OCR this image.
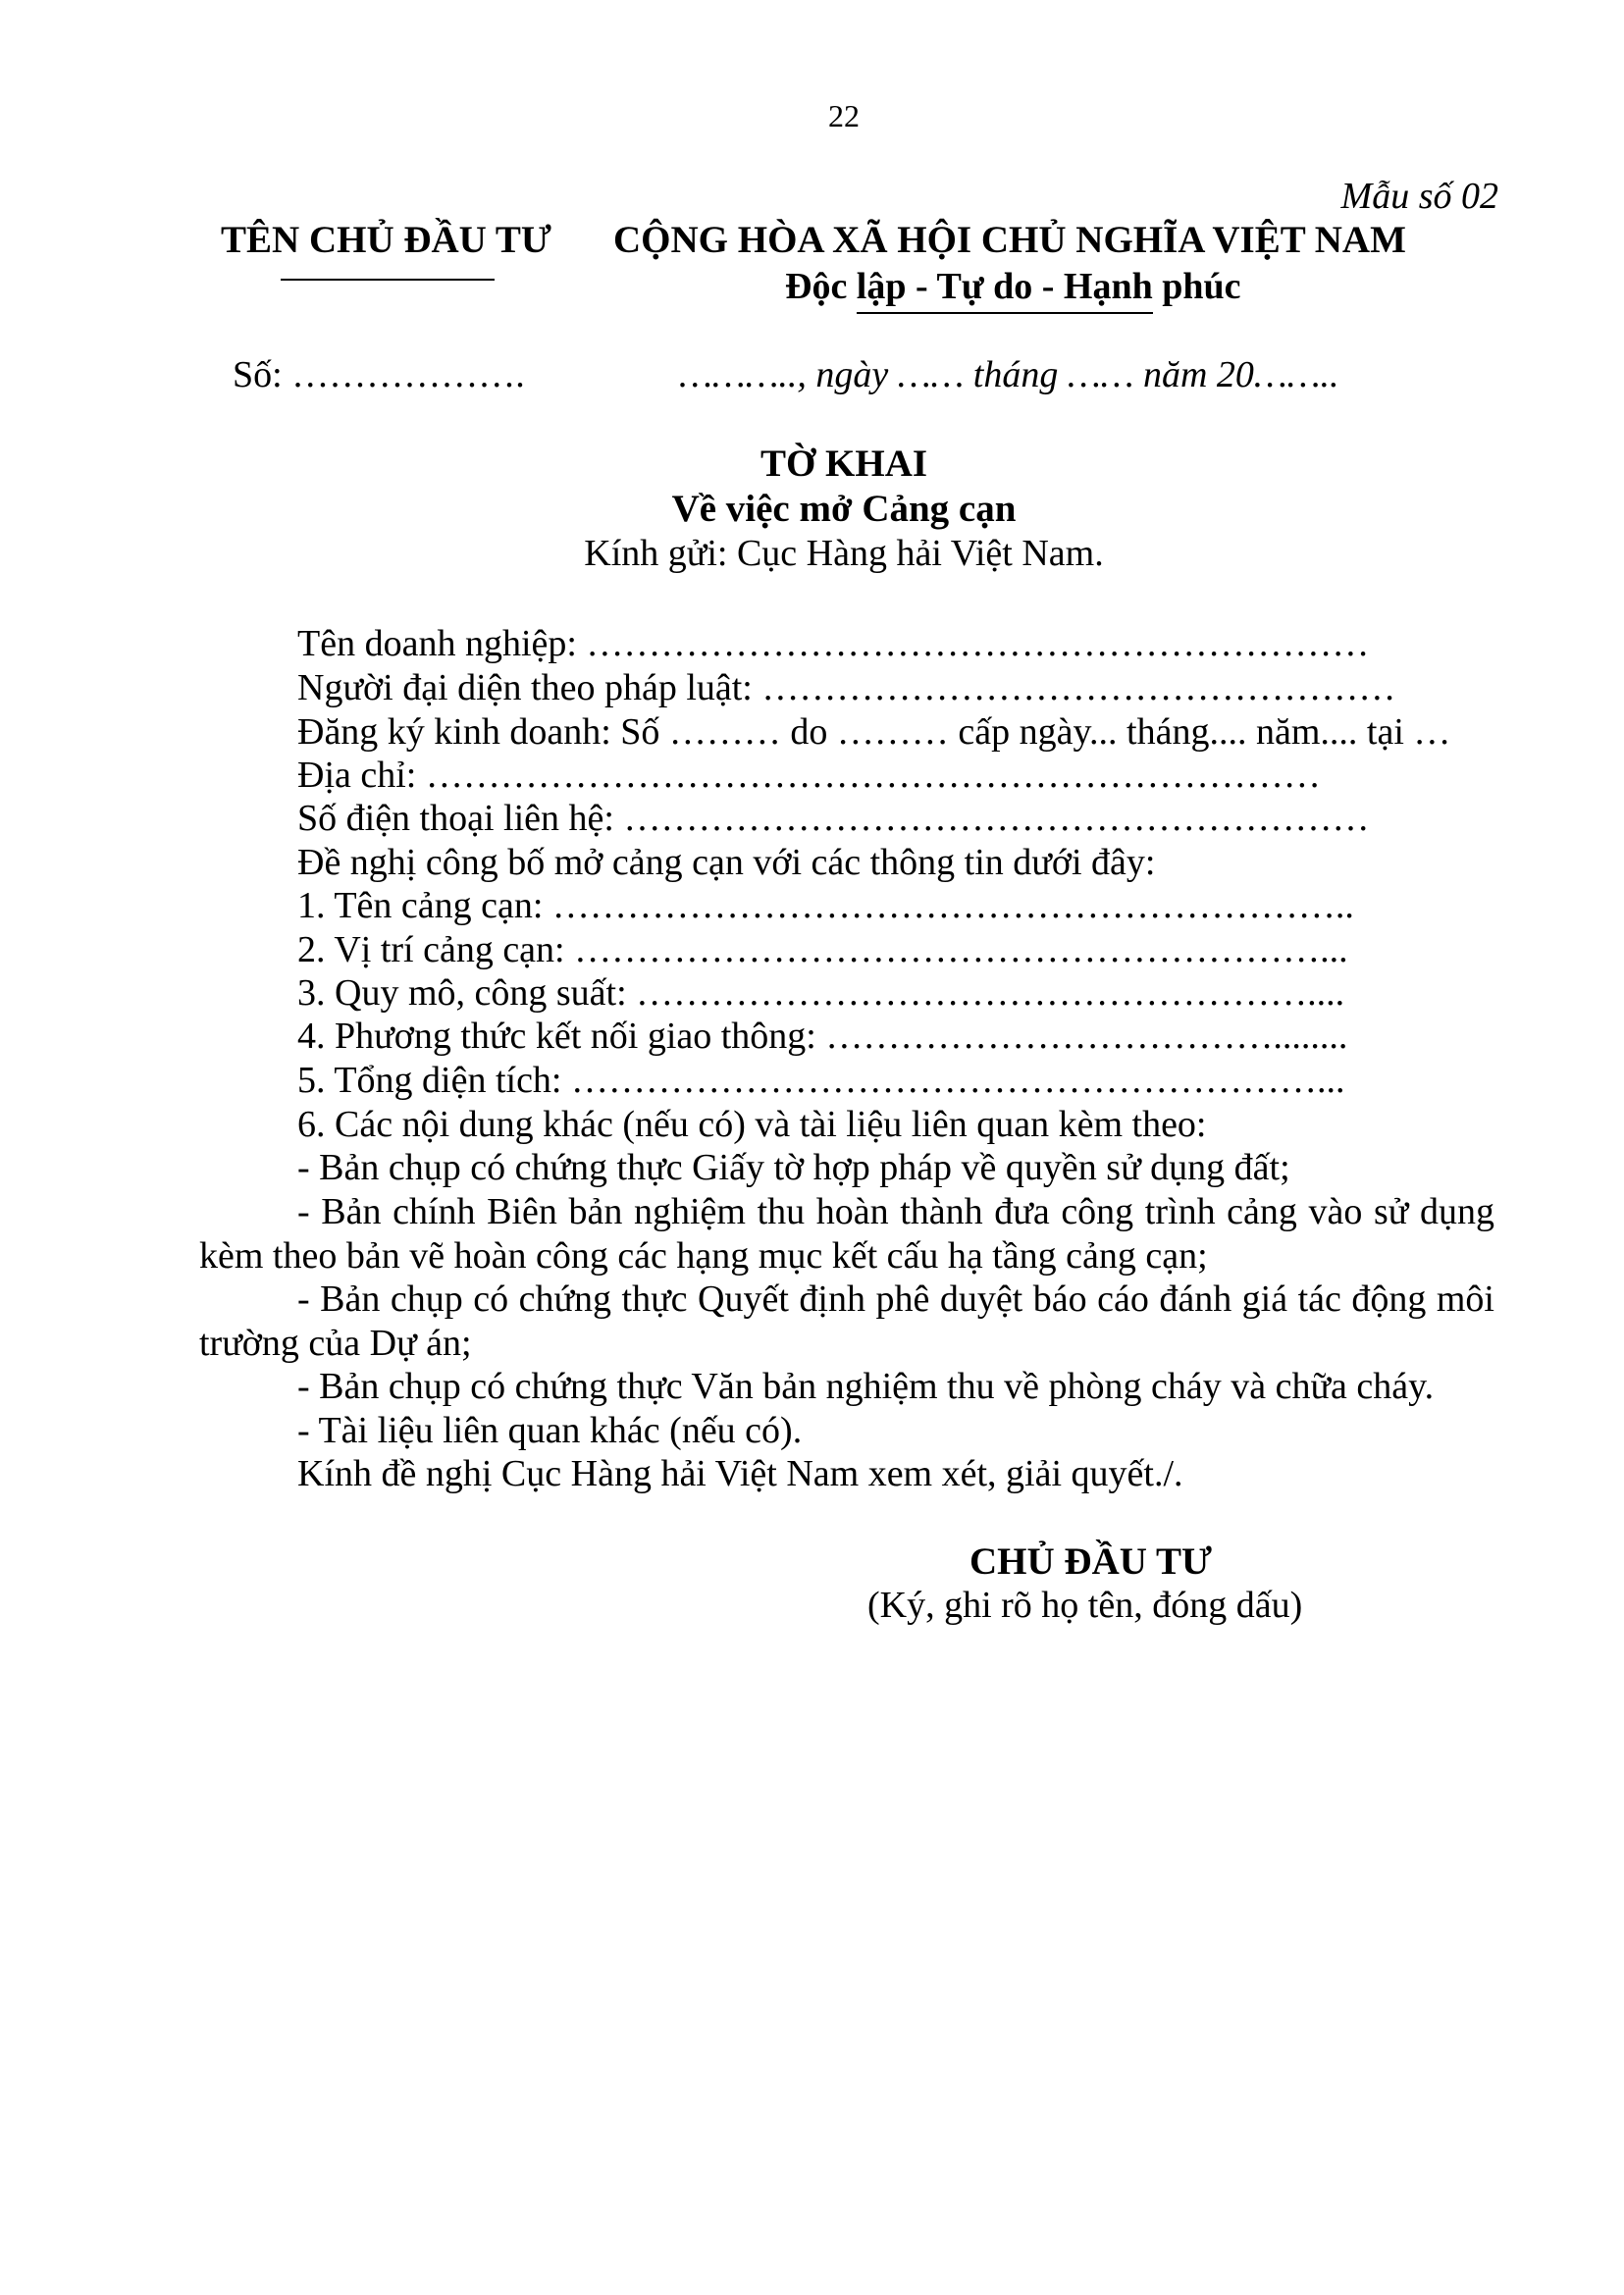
22
Mẫu số 02
TÊN CHỦ ĐẦU TƯ CỘNG HÒA XÃ HỘI CHỦ NGHĨA VIỆT NAM
Độc lập - Tự do - Hạnh phúc
Số: ……………….	……….., ngày …… tháng …… năm 20……..
TỜ KHAI
Về việc mở Cảng cạn
Kính gửi: Cục Hàng hải Việt Nam.
Tên doanh nghiệp: ………………………………………………………
Người đại diện theo pháp luật: ……………………………………………
Đăng ký kinh doanh: Số ……… do ……… cấp ngày... tháng.... năm.... tại …
Địa chỉ: ………………………………………………………………
Số điện thoại liên hệ: ……………………………………………………
Đề nghị công bố mở cảng cạn với các thông tin dưới đây:
1. Tên cảng cạn: ………………………………………………………..
2. Vị trí cảng cạn: ……………………………………………………...
3. Quy mô, công suất: ………………………………………………....
4. Phương thức kết nối giao thông: ………………………………........
5. Tổng diện tích: ……………………………………………………...
6. Các nội dung khác (nếu có) và tài liệu liên quan kèm theo:
- Bản chụp có chứng thực Giấy tờ hợp pháp về quyền sử dụng đất;
- Bản chính Biên bản nghiệm thu hoàn thành đưa công trình cảng vào sử dụng kèm theo bản vẽ hoàn công các hạng mục kết cấu hạ tầng cảng cạn;
- Bản chụp có chứng thực Quyết định phê duyệt báo cáo đánh giá tác động môi trường của Dự án;
- Bản chụp có chứng thực Văn bản nghiệm thu về phòng cháy và chữa cháy.
- Tài liệu liên quan khác (nếu có).
Kính đề nghị Cục Hàng hải Việt Nam xem xét, giải quyết./.
CHỦ ĐẦU TƯ
(Ký, ghi rõ họ tên, đóng dấu)
